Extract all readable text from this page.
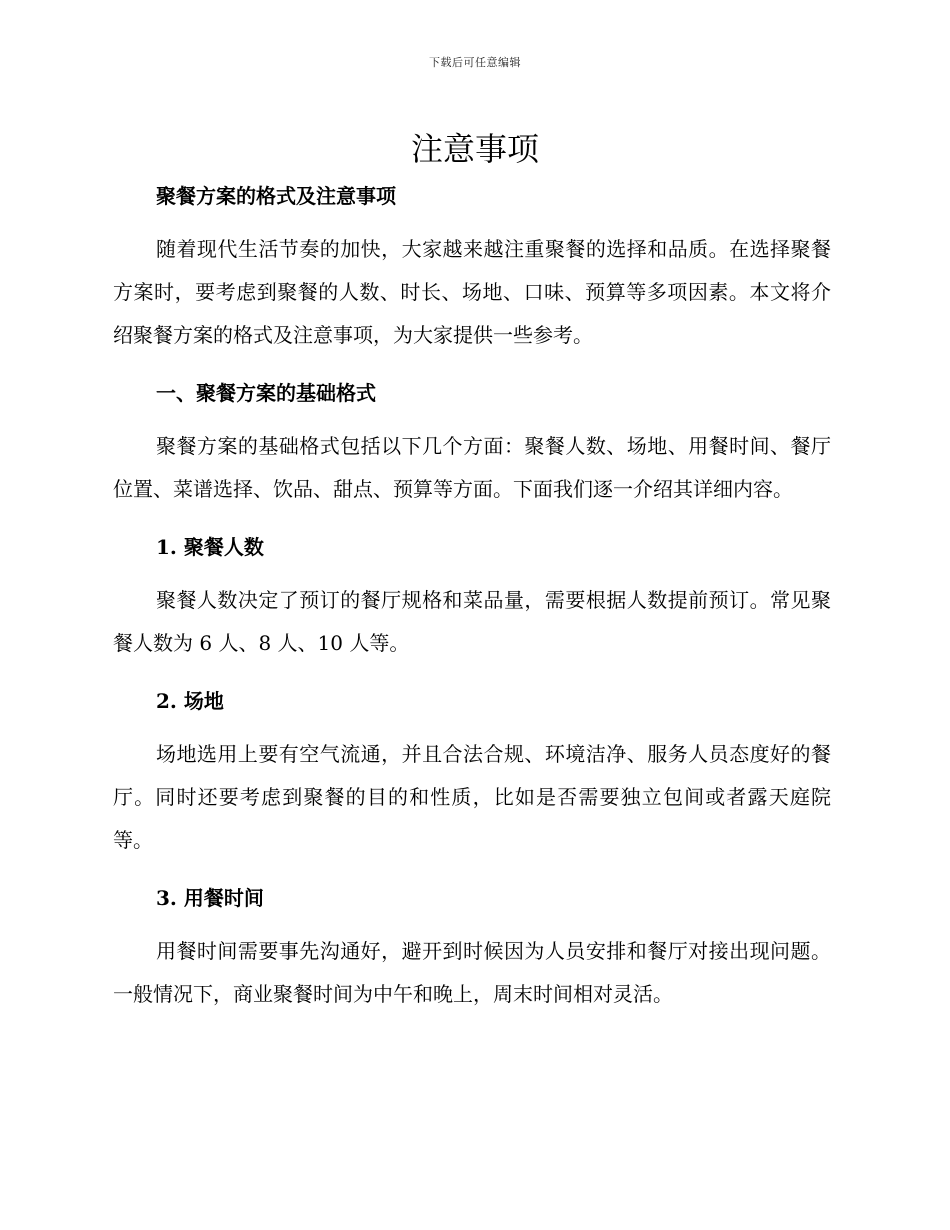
下载后可任意编辑
注意事项

聚餐方案的格式及注意事项

随着现代生活节奏的加快，大家越来越注重聚餐的选择和品质。在选择聚餐方案时，要考虑到聚餐的人数、时长、场地、口味、预算等多项因素。本文将介绍聚餐方案的格式及注意事项，为大家提供一些参考。

一、聚餐方案的基础格式

聚餐方案的基础格式包括以下几个方面：聚餐人数、场地、用餐时间、餐厅位置、菜谱选择、饮品、甜点、预算等方面。下面我们逐一介绍其详细内容。

1. 聚餐人数

聚餐人数决定了预订的餐厅规格和菜品量，需要根据人数提前预订。常见聚餐人数为 6 人、8 人、10 人等。

2. 场地

场地选用上要有空气流通，并且合法合规、环境洁净、服务人员态度好的餐厅。同时还要考虑到聚餐的目的和性质，比如是否需要独立包间或者露天庭院等。

3. 用餐时间

用餐时间需要事先沟通好，避开到时候因为人员安排和餐厅对接出现问题。一般情况下，商业聚餐时间为中午和晚上，周末时间相对灵活。
